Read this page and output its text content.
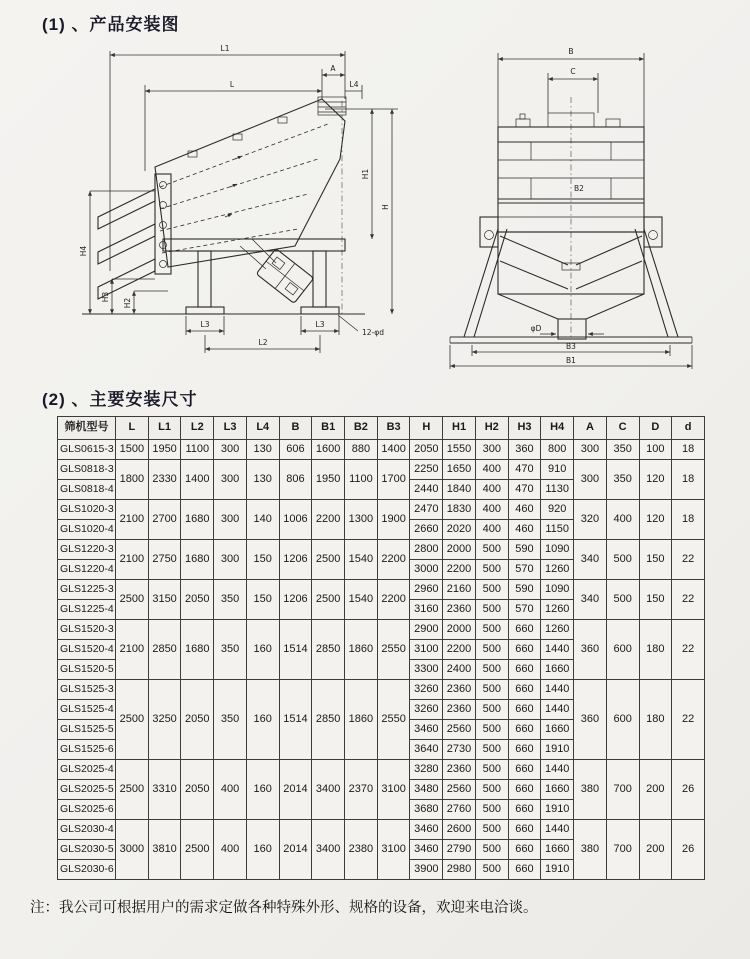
(1) 、产品安装图
L1
A
L	L4
H1
H
H4
H3
H2
L3	L3
L2
12-φd
B
C
B2
φD
B3
B1
(2) 、主要安装尺寸
筛机型号	L	L1	L2	L3	L4	B	B1	B2	B3	H	H1	H2	H3	H4	A	C	D	d
GLS0615-3	1500	1950	1100	300	130	606	1600	880	1400	2050	1550	300	360	800	300	350	100	18
GLS0818-3	1800	2330	1400	300	130	806	1950	1100	1700	2250	1650	400	470	910	300	350	120	18
GLS0818-4										2440	1840	400	470	1130				
GLS1020-3	2100	2700	1680	300	140	1006	2200	1300	1900	2470	1830	400	460	920	320	400	120	18
GLS1020-4										2660	2020	400	460	1150				
GLS1220-3	2100	2750	1680	300	150	1206	2500	1540	2200	2800	2000	500	590	1090	340	500	150	22
GLS1220-4										3000	2200	500	570	1260				
GLS1225-3	2500	3150	2050	350	150	1206	2500	1540	2200	2960	2160	500	590	1090	340	500	150	22
GLS1225-4										3160	2360	500	570	1260				
GLS1520-3	2100	2850	1680	350	160	1514	2850	1860	2550	2900	2000	500	660	1260	360	600	180	22
GLS1520-4										3100	2200	500	660	1440				
GLS1520-5										3300	2400	500	660	1660				
GLS1525-3	2500	3250	2050	350	160	1514	2850	1860	2550	3260	2360	500	660	1440	360	600	180	22
GLS1525-4										3260	2360	500	660	1440				
GLS1525-5										3460	2560	500	660	1660				
GLS1525-6										3640	2730	500	660	1910				
GLS2025-4	2500	3310	2050	400	160	2014	3400	2370	3100	3280	2360	500	660	1440	380	700	200	26
GLS2025-5										3480	2560	500	660	1660				
GLS2025-6										3680	2760	500	660	1910				
GLS2030-4	3000	3810	2500	400	160	2014	3400	2380	3100	3460	2600	500	660	1440	380	700	200	26
GLS2030-5										3460	2790	500	660	1660				
GLS2030-6										3900	2980	500	660	1910				

注：我公司可根据用户的需求定做各种特殊外形、规格的设备，欢迎来电洽谈。
